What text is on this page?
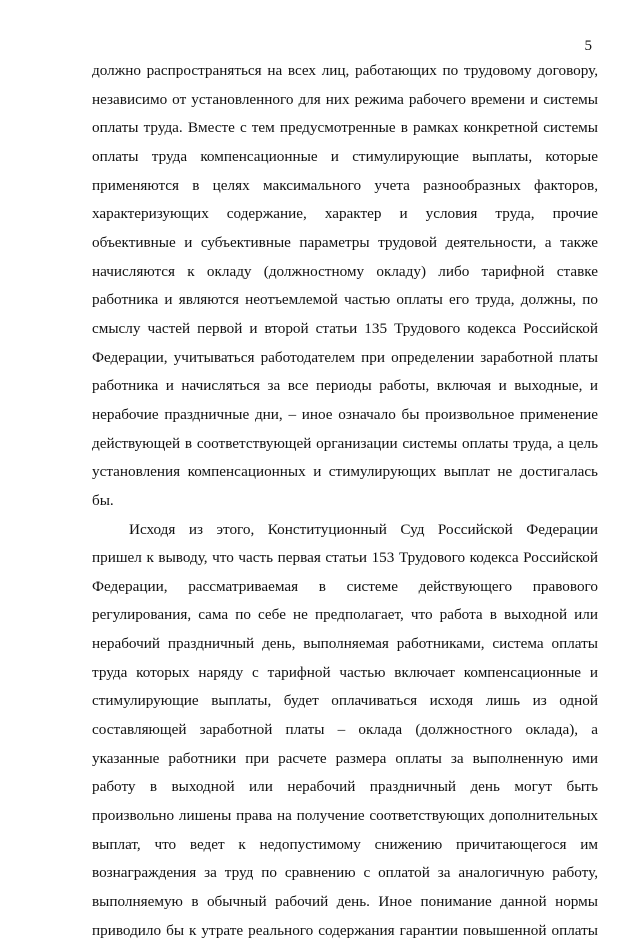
5
должно распространяться на всех лиц, работающих по трудовому договору,
независимо от установленного для них режима рабочего времени и системы
оплаты труда. Вместе с тем предусмотренные в рамках конкретной системы
оплаты труда компенсационные и стимулирующие выплаты, которые
применяются в целях максимального учета разнообразных факторов,
характеризующих содержание, характер и условия труда, прочие
объективные и субъективные параметры трудовой деятельности, а также
начисляются к окладу (должностному окладу) либо тарифной ставке
работника и являются неотъемлемой частью оплаты его труда, должны, по
смыслу частей первой и второй статьи 135 Трудового кодекса Российской
Федерации, учитываться работодателем при определении заработной платы
работника и начисляться за все периоды работы, включая и выходные, и
нерабочие праздничные дни, – иное означало бы произвольное применение
действующей в соответствующей организации системы оплаты труда, а цель
установления компенсационных и стимулирующих выплат не достигалась
бы.
Исходя из этого, Конституционный Суд Российской Федерации
пришел к выводу, что часть первая статьи 153 Трудового кодекса Российской
Федерации, рассматриваемая в системе действующего правового
регулирования, сама по себе не предполагает, что работа в выходной или
нерабочий праздничный день, выполняемая работниками, система оплаты
труда которых наряду с тарифной частью включает компенсационные и
стимулирующие выплаты, будет оплачиваться исходя лишь из одной
составляющей заработной платы – оклада (должностного оклада), а
указанные работники при расчете размера оплаты за выполненную ими
работу в выходной или нерабочий праздничный день могут быть
произвольно лишены права на получение соответствующих дополнительных
выплат, что ведет к недопустимому снижению причитающегося им
вознаграждения за труд по сравнению с оплатой за аналогичную работу,
выполняемую в обычный рабочий день. Иное понимание данной нормы
приводило бы к утрате реального содержания гарантии повышенной оплаты
